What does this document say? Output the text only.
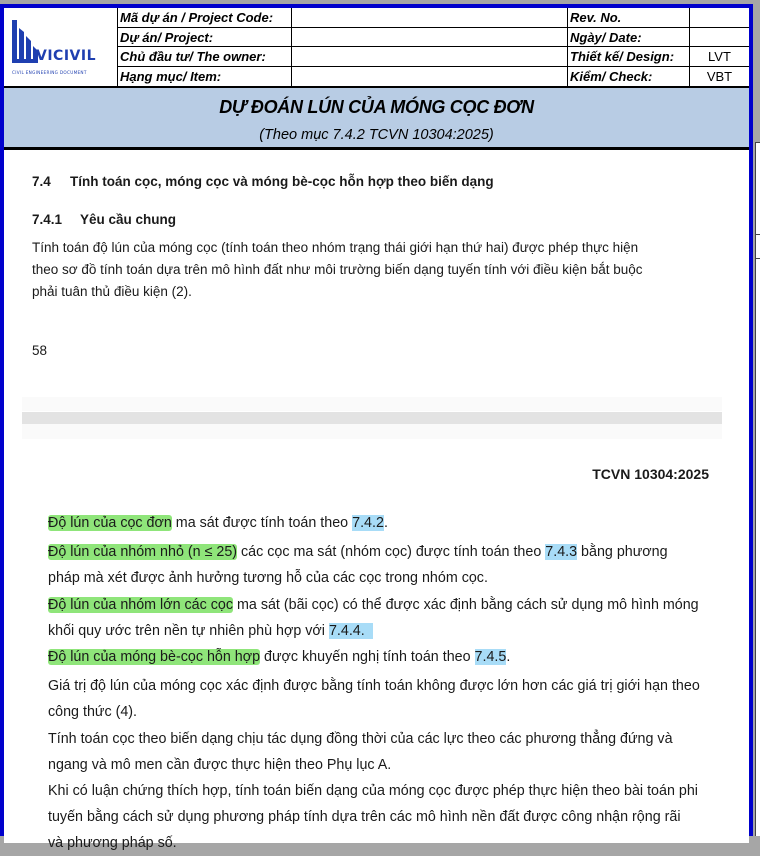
VICIVIL
CIVIL ENGINEERING DOCUMENT
Mã dự án / Project Code:	Rev. No.
Dự án/ Project:	Ngày/ Date:
Chủ đầu tư/ The owner:	Thiết kế/ Design:	LVT
Hạng mục/ Item:	Kiểm/ Check:	VBT
DỰ ĐOÁN LÚN CỦA MÓNG CỌC ĐƠN
(Theo mục 7.4.2 TCVN 10304:2025)

7.4 Tính toán cọc, móng cọc và móng bè-cọc hỗn hợp theo biến dạng

7.4.1 Yêu cầu chung

Tính toán độ lún của móng cọc (tính toán theo nhóm trạng thái giới hạn thứ hai) được phép thực hiện
theo sơ đồ tính toán dựa trên mô hình đất như môi trường biến dạng tuyến tính với điều kiện bắt buộc
phải tuân thủ điều kiện (2).

58

TCVN 10304:2025

Độ lún của cọc đơn ma sát được tính toán theo 7.4.2.
Độ lún của nhóm nhỏ (n ≤ 25) các cọc ma sát (nhóm cọc) được tính toán theo 7.4.3 bằng phương
pháp mà xét được ảnh hưởng tương hỗ của các cọc trong nhóm cọc.
Độ lún của nhóm lớn các cọc ma sát (bãi cọc) có thể được xác định bằng cách sử dụng mô hình móng
khối quy ước trên nền tự nhiên phù hợp với 7.4.4.
Độ lún của móng bè-cọc hỗn hợp được khuyến nghị tính toán theo 7.4.5.
Giá trị độ lún của móng cọc xác định được bằng tính toán không được lớn hơn các giá trị giới hạn theo
công thức (4).
Tính toán cọc theo biến dạng chịu tác dụng đồng thời của các lực theo các phương thẳng đứng và
ngang và mô men cần được thực hiện theo Phụ lục A.
Khi có luận chứng thích hợp, tính toán biến dạng của móng cọc được phép thực hiện theo bài toán phi
tuyến bằng cách sử dụng phương pháp tính dựa trên các mô hình nền đất được công nhận rộng rãi
và phương pháp số.
